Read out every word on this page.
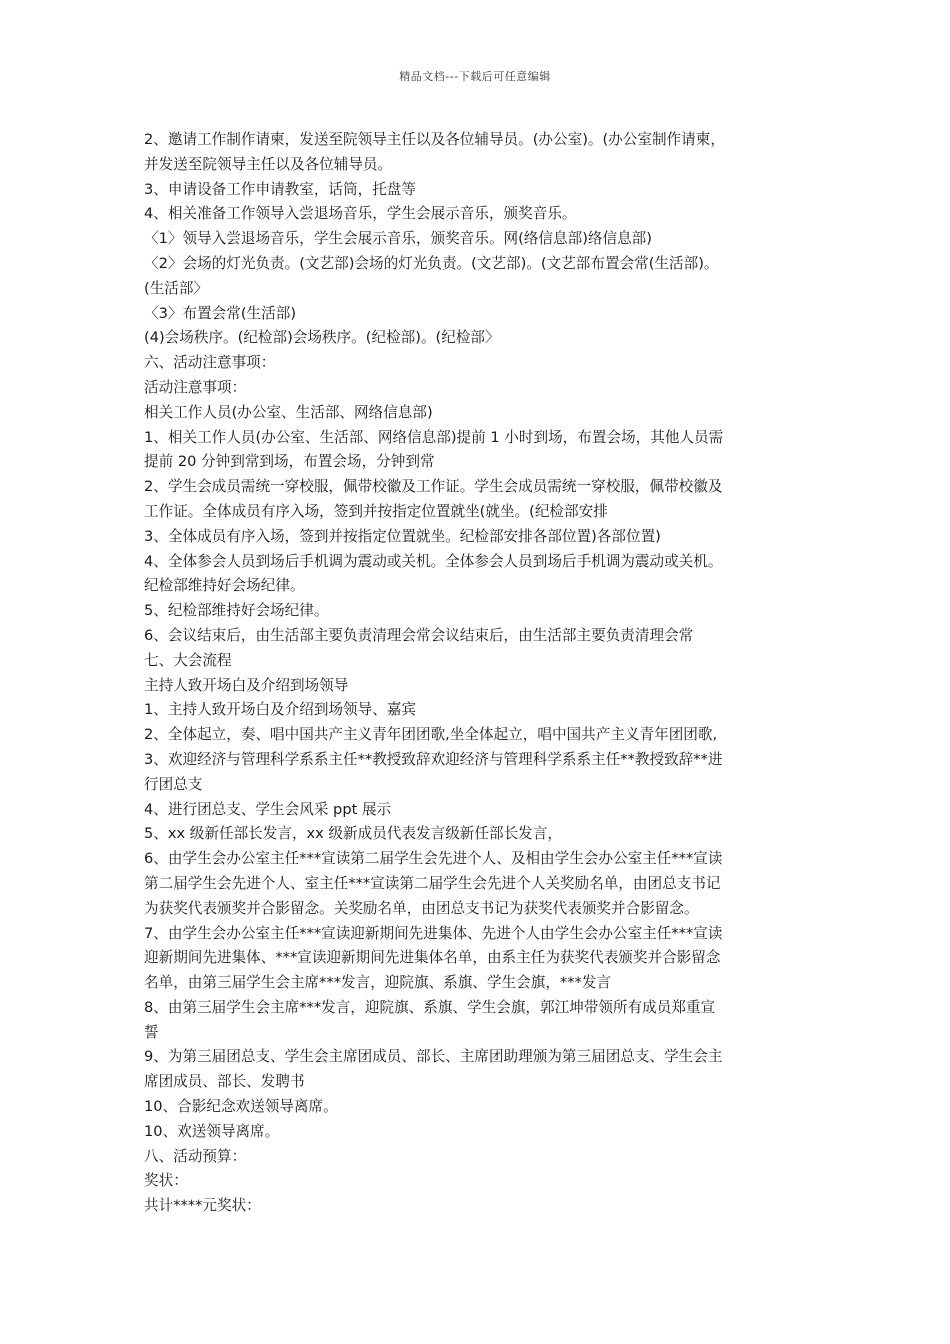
精品文档---下载后可任意编辑
2、邀请工作制作请柬，发送至院领导主任以及各位辅导员。(办公室)。(办公室制作请柬，
并发送至院领导主任以及各位辅导员。
3、申请设备工作申请教室，话筒，托盘等
4、相关准备工作领导入尝退场音乐，学生会展示音乐，颁奖音乐。
〈1〉领导入尝退场音乐，学生会展示音乐，颁奖音乐。网(络信息部)络信息部)
〈2〉会场的灯光负责。(文艺部)会场的灯光负责。(文艺部)。(文艺部布置会常(生活部)。
(生活部〉
〈3〉布置会常(生活部)
(4)会场秩序。(纪检部)会场秩序。(纪检部)。(纪检部〉
六、活动注意事项：
活动注意事项：
相关工作人员(办公室、生活部、网络信息部)
1、相关工作人员(办公室、生活部、网络信息部)提前 1 小时到场，布置会场，其他人员需
提前 20 分钟到常到场，布置会场，分钟到常
2、学生会成员需统一穿校服，佩带校徽及工作证。学生会成员需统一穿校服，佩带校徽及
工作证。全体成员有序入场，签到并按指定位置就坐(就坐。(纪检部安排
3、全体成员有序入场，签到并按指定位置就坐。纪检部安排各部位置)各部位置)
4、全体参会人员到场后手机调为震动或关机。全体参会人员到场后手机调为震动或关机。
纪检部维持好会场纪律。
5、纪检部维持好会场纪律。
6、会议结束后，由生活部主要负责清理会常会议结束后，由生活部主要负责清理会常
七、大会流程
主持人致开场白及介绍到场领导
1、主持人致开场白及介绍到场领导、嘉宾
2、全体起立，奏、唱中国共产主义青年团团歌,坐全体起立，唱中国共产主义青年团团歌,
3、欢迎经济与管理科学系系主任**教授致辞欢迎经济与管理科学系系主任**教授致辞**进
行团总支
4、进行团总支、学生会风采 ppt 展示
5、xx 级新任部长发言，xx 级新成员代表发言级新任部长发言，
6、由学生会办公室主任***宣读第二届学生会先进个人、及相由学生会办公室主任***宣读
第二届学生会先进个人、室主任***宣读第二届学生会先进个人关奖励名单，由团总支书记
为获奖代表颁奖并合影留念。关奖励名单，由团总支书记为获奖代表颁奖并合影留念。
7、由学生会办公室主任***宣读迎新期间先进集体、先进个人由学生会办公室主任***宣读
迎新期间先进集体、***宣读迎新期间先进集体名单，由系主任为获奖代表颁奖并合影留念
名单，由第三届学生会主席***发言，迎院旗、系旗、学生会旗，***发言
8、由第三届学生会主席***发言，迎院旗、系旗、学生会旗，郭江坤带领所有成员郑重宣
誓
9、为第三届团总支、学生会主席团成员、部长、主席团助理颁为第三届团总支、学生会主
席团成员、部长、发聘书
10、合影纪念欢送领导离席。
10、欢送领导离席。
八、活动预算：
奖状：
共计****元奖状：
